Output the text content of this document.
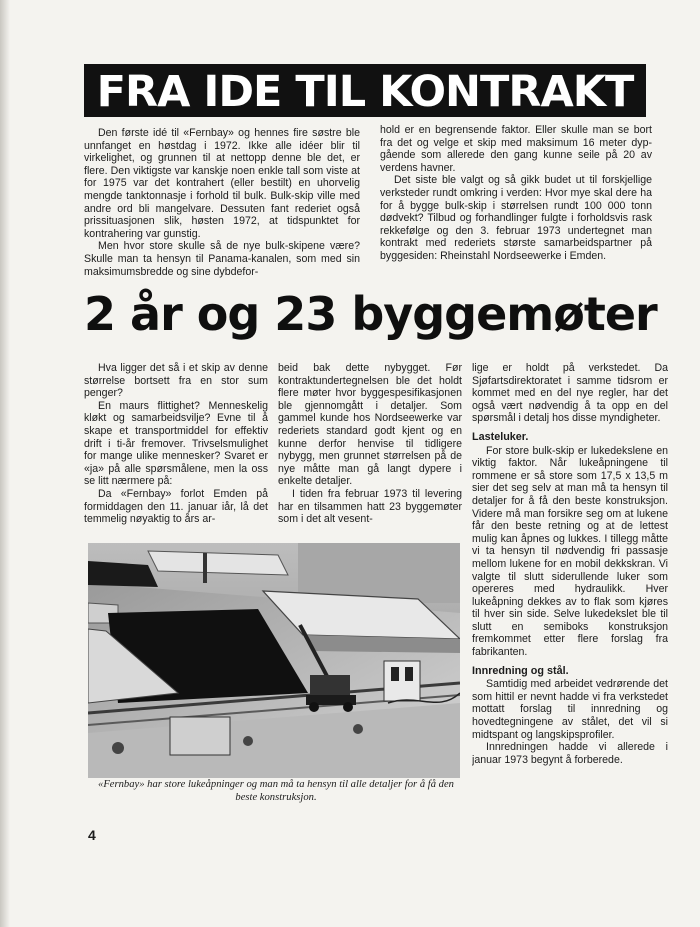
FRA IDE TIL KONTRAKT

Den første idé til «Fernbay» og hennes fire søstre ble unnfanget en høstdag i 1972. Ikke alle idéer blir til virkelighet, og grunnen til at nettopp denne ble det, er flere. Den viktigste var kanskje noen enkle tall som viste at for 1975 var det kontrahert (eller bestilt) en uhorvelig mengde tanktonnasje i forhold til bulk. Bulk-skip ville med andre ord bli mangelvare. Dessuten fant rederiet også prissituasjonen slik, høsten 1972, at tidspunktet for kontrahering var gunstig.

Men hvor store skulle så de nye bulk-skipene være? Skulle man ta hensyn til Panama-kanalen, som med sin maksimumsbredde og sine dybdefor-

hold er en begrensende faktor. Eller skulle man se bort fra det og velge et skip med maksimum 16 meter dyp-gående som allerede den gang kunne seile på 20 av verdens havner.

Det siste ble valgt og så gikk budet ut til forskjellige verksteder rundt omkring i verden: Hvor mye skal dere ha for å bygge bulk-skip i størrelsen rundt 100 000 tonn dødvekt? Tilbud og forhandlinger fulgte i forholdsvis rask rekkefølge og den 3. februar 1973 undertegnet man kontrakt med rederiets største samarbeidspartner på byggesiden: Rheinstahl Nordseewerke i Emden.

2 år og 23 byggemøter

Hva ligger det så i et skip av denne størrelse bortsett fra en stor sum penger?

En maurs flittighet? Menneskelig kløkt og samarbeidsvilje? Evne til å skape et transportmiddel for effektiv drift i ti-år fremover. Trivselsmulighet for mange ulike mennesker? Svaret er «ja» på alle spørsmålene, men la oss se litt nærmere på:

Da «Fernbay» forlot Emden på formiddagen den 11. januar iår, lå det temmelig nøyaktig to års ar-

beid bak dette nybygget. Før kontraktundertegnelsen ble det holdt flere møter hvor byggespesifikasjonen ble gjennomgått i detaljer. Som gammel kunde hos Nordseewerke var rederiets standard godt kjent og en kunne derfor henvise til tidligere nybygg, men grunnet størrelsen på de nye måtte man gå langt dypere i enkelte detaljer.

I tiden fra februar 1973 til levering har en tilsammen hatt 23 byggemøter som i det alt vesent-

lige er holdt på verkstedet. Da Sjøfartsdirektoratet i samme tidsrom er kommet med en del nye regler, har det også vært nødvendig å ta opp en del spørsmål i detalj hos disse myndigheter.

Lasteluker.

For store bulk-skip er lukedekslene en viktig faktor. Når lukeåpningene til rommene er så store som 17,5 x 13,5 m sier det seg selv at man må ta hensyn til detaljer for å få den beste konstruksjon. Videre må man forsikre seg om at lukene får den beste retning og at de lettest mulig kan åpnes og lukkes. I tillegg måtte vi ta hensyn til nødvendig fri passasje mellom lukene for en mobil dekkskran. Vi valgte til slutt siderullende luker som opereres med hydraulikk. Hver lukeåpning dekkes av to flak som kjøres til hver sin side. Selve lukedekslet ble til slutt en semiboks konstruksjon fremkommet etter flere forslag fra fabrikanten.

Innredning og stål.

Samtidig med arbeidet vedrørende det som hittil er nevnt hadde vi fra verkstedet mottatt forslag til innredning og hovedtegningene av stålet, det vil si midtspant og langskipsprofiler.

Innredningen hadde vi allerede i januar 1973 begynt å forberede.

«Fernbay» har store lukeåpninger og man må ta hensyn til alle detaljer for å få den beste konstruksjon.
4
